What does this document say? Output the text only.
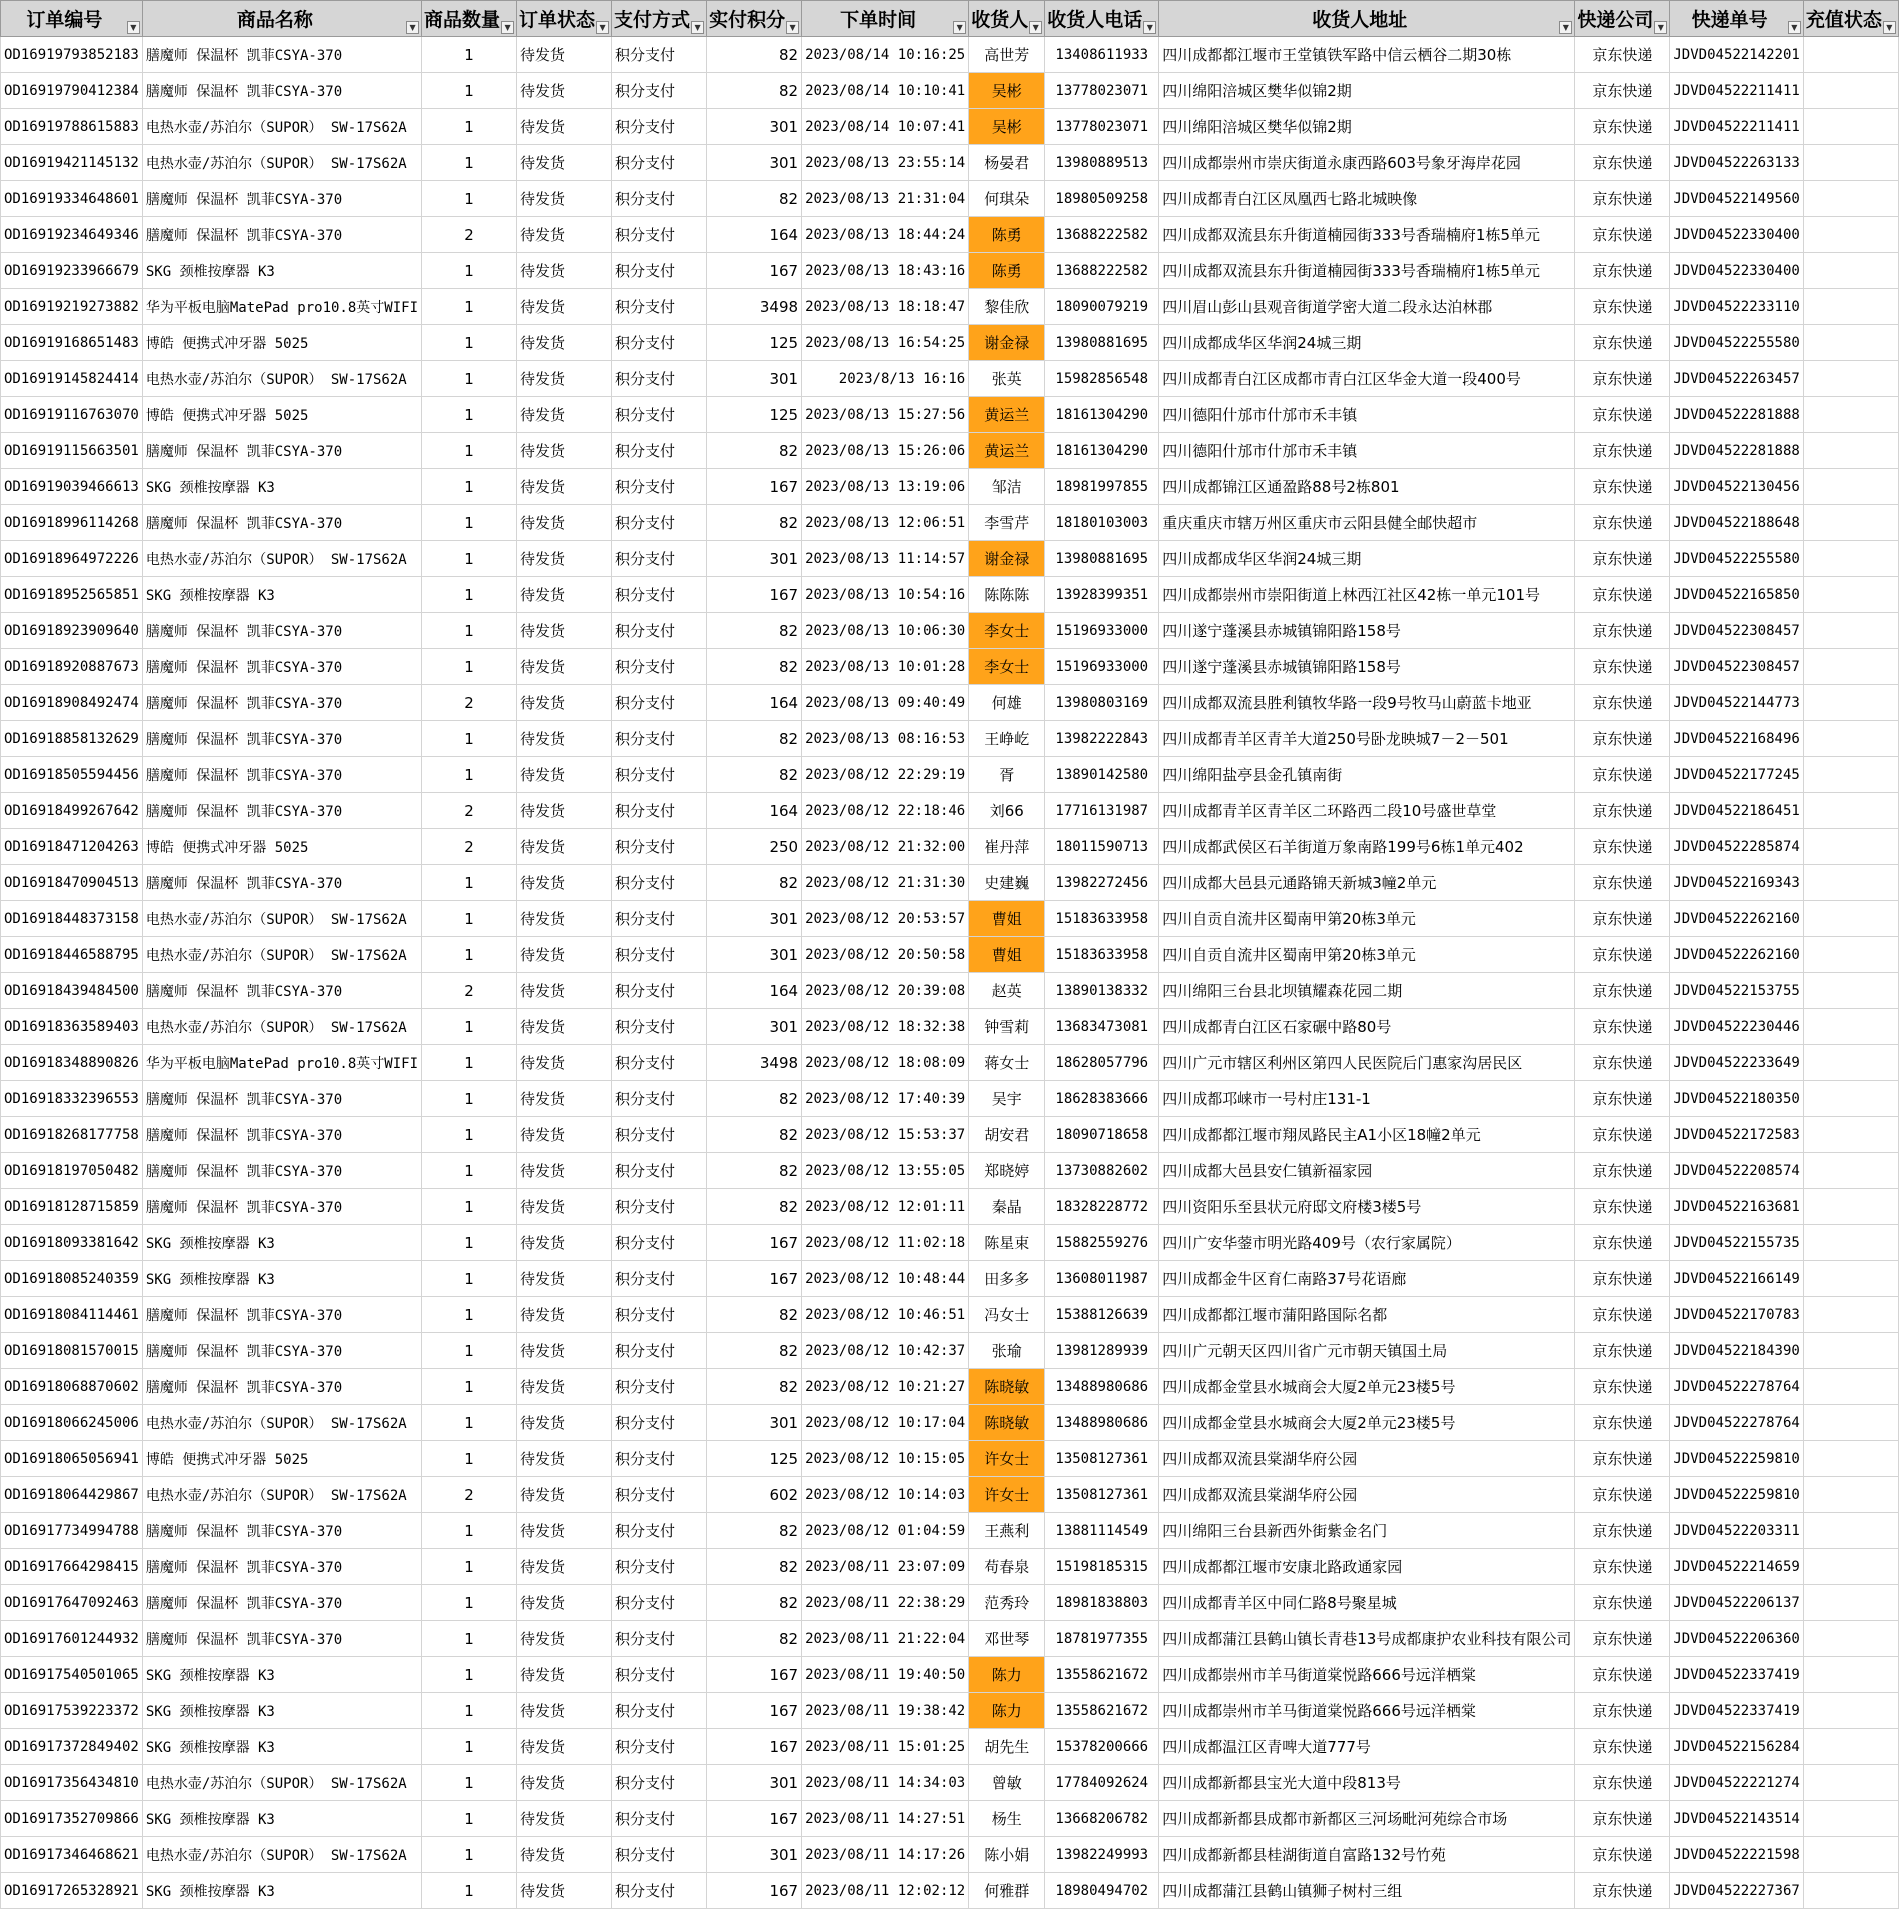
订单编号 ▼	商品名称 ▼	商品数量 ▼	订单状态 ▼	支付方式 ▼	实付积分 ▼	下单时间 ▼	收货人 ▼	收货人电话 ▼	收货人地址 ▼	快递公司 ▼	快递单号 ▼	充值状态 ▼

OD16919793852183	膳魔师 保温杯 凯菲CSYA-370	1	待发货	积分支付	82	2023/08/14 10:16:25	高世芳	13408611933	四川成都都江堰市王堂镇铁军路中信云栖谷二期30栋	京东快递	JDVD04522142201	
OD16919790412384	膳魔师 保温杯 凯菲CSYA-370	1	待发货	积分支付	82	2023/08/14 10:10:41	吴彬	13778023071	四川绵阳涪城区樊华似锦2期	京东快递	JDVD04522211411	
OD16919788615883	电热水壶/苏泊尔（SUPOR） SW-17S62A	1	待发货	积分支付	301	2023/08/14 10:07:41	吴彬	13778023071	四川绵阳涪城区樊华似锦2期	京东快递	JDVD04522211411	
OD16919421145132	电热水壶/苏泊尔（SUPOR） SW-17S62A	1	待发货	积分支付	301	2023/08/13 23:55:14	杨晏君	13980889513	四川成都崇州市崇庆街道永康西路603号象牙海岸花园	京东快递	JDVD04522263133	
OD16919334648601	膳魔师 保温杯 凯菲CSYA-370	1	待发货	积分支付	82	2023/08/13 21:31:04	何琪朵	18980509258	四川成都青白江区凤凰西七路北城映像	京东快递	JDVD04522149560	
OD16919234649346	膳魔师 保温杯 凯菲CSYA-370	2	待发货	积分支付	164	2023/08/13 18:44:24	陈勇	13688222582	四川成都双流县东升街道楠园街333号香瑞楠府1栋5单元	京东快递	JDVD04522330400	
OD16919233966679	SKG 颈椎按摩器 K3	1	待发货	积分支付	167	2023/08/13 18:43:16	陈勇	13688222582	四川成都双流县东升街道楠园街333号香瑞楠府1栋5单元	京东快递	JDVD04522330400	
OD16919219273882	华为平板电脑MatePad pro10.8英寸WIFI	1	待发货	积分支付	3498	2023/08/13 18:18:47	黎佳欣	18090079219	四川眉山彭山县观音街道学密大道二段永达泊林郡	京东快递	JDVD04522233110	
OD16919168651483	博皓 便携式冲牙器 5025	1	待发货	积分支付	125	2023/08/13 16:54:25	谢金禄	13980881695	四川成都成华区华润24城三期	京东快递	JDVD04522255580	
OD16919145824414	电热水壶/苏泊尔（SUPOR） SW-17S62A	1	待发货	积分支付	301	2023/8/13 16:16	张英	15982856548	四川成都青白江区成都市青白江区华金大道一段400号	京东快递	JDVD04522263457	
OD16919116763070	博皓 便携式冲牙器 5025	1	待发货	积分支付	125	2023/08/13 15:27:56	黄运兰	18161304290	四川德阳什邡市什邡市禾丰镇	京东快递	JDVD04522281888	
OD16919115663501	膳魔师 保温杯 凯菲CSYA-370	1	待发货	积分支付	82	2023/08/13 15:26:06	黄运兰	18161304290	四川德阳什邡市什邡市禾丰镇	京东快递	JDVD04522281888	
OD16919039466613	SKG 颈椎按摩器 K3	1	待发货	积分支付	167	2023/08/13 13:19:06	邹洁	18981997855	四川成都锦江区通盈路88号2栋801	京东快递	JDVD04522130456	
OD16918996114268	膳魔师 保温杯 凯菲CSYA-370	1	待发货	积分支付	82	2023/08/13 12:06:51	李雪芹	18180103003	重庆重庆市辖万州区重庆市云阳县健全邮快超市	京东快递	JDVD04522188648	
OD16918964972226	电热水壶/苏泊尔（SUPOR） SW-17S62A	1	待发货	积分支付	301	2023/08/13 11:14:57	谢金禄	13980881695	四川成都成华区华润24城三期	京东快递	JDVD04522255580	
OD16918952565851	SKG 颈椎按摩器 K3	1	待发货	积分支付	167	2023/08/13 10:54:16	陈陈陈	13928399351	四川成都崇州市崇阳街道上林西江社区42栋一单元101号	京东快递	JDVD04522165850	
OD16918923909640	膳魔师 保温杯 凯菲CSYA-370	1	待发货	积分支付	82	2023/08/13 10:06:30	李女士	15196933000	四川遂宁蓬溪县赤城镇锦阳路158号	京东快递	JDVD04522308457	
OD16918920887673	膳魔师 保温杯 凯菲CSYA-370	1	待发货	积分支付	82	2023/08/13 10:01:28	李女士	15196933000	四川遂宁蓬溪县赤城镇锦阳路158号	京东快递	JDVD04522308457	
OD16918908492474	膳魔师 保温杯 凯菲CSYA-370	2	待发货	积分支付	164	2023/08/13 09:40:49	何雄	13980803169	四川成都双流县胜利镇牧华路一段9号牧马山蔚蓝卡地亚	京东快递	JDVD04522144773	
OD16918858132629	膳魔师 保温杯 凯菲CSYA-370	1	待发货	积分支付	82	2023/08/13 08:16:53	王峥屹	13982222843	四川成都青羊区青羊大道250号卧龙映城7－2－501	京东快递	JDVD04522168496	
OD16918505594456	膳魔师 保温杯 凯菲CSYA-370	1	待发货	积分支付	82	2023/08/12 22:29:19	胥	13890142580	四川绵阳盐亭县金孔镇南街	京东快递	JDVD04522177245	
OD16918499267642	膳魔师 保温杯 凯菲CSYA-370	2	待发货	积分支付	164	2023/08/12 22:18:46	刘66	17716131987	四川成都青羊区青羊区二环路西二段10号盛世草堂	京东快递	JDVD04522186451	
OD16918471204263	博皓 便携式冲牙器 5025	2	待发货	积分支付	250	2023/08/12 21:32:00	崔丹萍	18011590713	四川成都武侯区石羊街道万象南路199号6栋1单元402	京东快递	JDVD04522285874	
OD16918470904513	膳魔师 保温杯 凯菲CSYA-370	1	待发货	积分支付	82	2023/08/12 21:31:30	史建巍	13982272456	四川成都大邑县元通路锦天新城3幢2单元	京东快递	JDVD04522169343	
OD16918448373158	电热水壶/苏泊尔（SUPOR） SW-17S62A	1	待发货	积分支付	301	2023/08/12 20:53:57	曹姐	15183633958	四川自贡自流井区蜀南甲第20栋3单元	京东快递	JDVD04522262160	
OD16918446588795	电热水壶/苏泊尔（SUPOR） SW-17S62A	1	待发货	积分支付	301	2023/08/12 20:50:58	曹姐	15183633958	四川自贡自流井区蜀南甲第20栋3单元	京东快递	JDVD04522262160	
OD16918439484500	膳魔师 保温杯 凯菲CSYA-370	2	待发货	积分支付	164	2023/08/12 20:39:08	赵英	13890138332	四川绵阳三台县北坝镇耀森花园二期	京东快递	JDVD04522153755	
OD16918363589403	电热水壶/苏泊尔（SUPOR） SW-17S62A	1	待发货	积分支付	301	2023/08/12 18:32:38	钟雪莉	13683473081	四川成都青白江区石家碾中路80号	京东快递	JDVD04522230446	
OD16918348890826	华为平板电脑MatePad pro10.8英寸WIFI	1	待发货	积分支付	3498	2023/08/12 18:08:09	蒋女士	18628057796	四川广元市辖区利州区第四人民医院后门惠家沟居民区	京东快递	JDVD04522233649	
OD16918332396553	膳魔师 保温杯 凯菲CSYA-370	1	待发货	积分支付	82	2023/08/12 17:40:39	吴宇	18628383666	四川成都邛崃市一号村庄131-1	京东快递	JDVD04522180350	
OD16918268177758	膳魔师 保温杯 凯菲CSYA-370	1	待发货	积分支付	82	2023/08/12 15:53:37	胡安君	18090718658	四川成都都江堰市翔凤路民主A1小区18幢2单元	京东快递	JDVD04522172583	
OD16918197050482	膳魔师 保温杯 凯菲CSYA-370	1	待发货	积分支付	82	2023/08/12 13:55:05	郑晓婷	13730882602	四川成都大邑县安仁镇新福家园	京东快递	JDVD04522208574	
OD16918128715859	膳魔师 保温杯 凯菲CSYA-370	1	待发货	积分支付	82	2023/08/12 12:01:11	秦晶	18328228772	四川资阳乐至县状元府邸文府楼3楼5号	京东快递	JDVD04522163681	
OD16918093381642	SKG 颈椎按摩器 K3	1	待发货	积分支付	167	2023/08/12 11:02:18	陈星束	15882559276	四川广安华蓥市明光路409号（农行家属院）	京东快递	JDVD04522155735	
OD16918085240359	SKG 颈椎按摩器 K3	1	待发货	积分支付	167	2023/08/12 10:48:44	田多多	13608011987	四川成都金牛区育仁南路37号花语廊	京东快递	JDVD04522166149	
OD16918084114461	膳魔师 保温杯 凯菲CSYA-370	1	待发货	积分支付	82	2023/08/12 10:46:51	冯女士	15388126639	四川成都都江堰市蒲阳路国际名都	京东快递	JDVD04522170783	
OD16918081570015	膳魔师 保温杯 凯菲CSYA-370	1	待发货	积分支付	82	2023/08/12 10:42:37	张瑜	13981289939	四川广元朝天区四川省广元市朝天镇国土局	京东快递	JDVD04522184390	
OD16918068870602	膳魔师 保温杯 凯菲CSYA-370	1	待发货	积分支付	82	2023/08/12 10:21:27	陈晓敏	13488980686	四川成都金堂县水城商会大厦2单元23楼5号	京东快递	JDVD04522278764	
OD16918066245006	电热水壶/苏泊尔（SUPOR） SW-17S62A	1	待发货	积分支付	301	2023/08/12 10:17:04	陈晓敏	13488980686	四川成都金堂县水城商会大厦2单元23楼5号	京东快递	JDVD04522278764	
OD16918065056941	博皓 便携式冲牙器 5025	1	待发货	积分支付	125	2023/08/12 10:15:05	许女士	13508127361	四川成都双流县棠湖华府公园	京东快递	JDVD04522259810	
OD16918064429867	电热水壶/苏泊尔（SUPOR） SW-17S62A	2	待发货	积分支付	602	2023/08/12 10:14:03	许女士	13508127361	四川成都双流县棠湖华府公园	京东快递	JDVD04522259810	
OD16917734994788	膳魔师 保温杯 凯菲CSYA-370	1	待发货	积分支付	82	2023/08/12 01:04:59	王燕利	13881114549	四川绵阳三台县新西外街紫金名门	京东快递	JDVD04522203311	
OD16917664298415	膳魔师 保温杯 凯菲CSYA-370	1	待发货	积分支付	82	2023/08/11 23:07:09	苟春泉	15198185315	四川成都都江堰市安康北路政通家园	京东快递	JDVD04522214659	
OD16917647092463	膳魔师 保温杯 凯菲CSYA-370	1	待发货	积分支付	82	2023/08/11 22:38:29	范秀玲	18981838803	四川成都青羊区中同仁路8号聚星城	京东快递	JDVD04522206137	
OD16917601244932	膳魔师 保温杯 凯菲CSYA-370	1	待发货	积分支付	82	2023/08/11 21:22:04	邓世琴	18781977355	四川成都蒲江县鹤山镇长青巷13号成都康护农业科技有限公司	京东快递	JDVD04522206360	
OD16917540501065	SKG 颈椎按摩器 K3	1	待发货	积分支付	167	2023/08/11 19:40:50	陈力	13558621672	四川成都崇州市羊马街道棠悦路666号远洋栖棠	京东快递	JDVD04522337419	
OD16917539223372	SKG 颈椎按摩器 K3	1	待发货	积分支付	167	2023/08/11 19:38:42	陈力	13558621672	四川成都崇州市羊马街道棠悦路666号远洋栖棠	京东快递	JDVD04522337419	
OD16917372849402	SKG 颈椎按摩器 K3	1	待发货	积分支付	167	2023/08/11 15:01:25	胡先生	15378200666	四川成都温江区青啤大道777号	京东快递	JDVD04522156284	
OD16917356434810	电热水壶/苏泊尔（SUPOR） SW-17S62A	1	待发货	积分支付	301	2023/08/11 14:34:03	曾敏	17784092624	四川成都新都县宝光大道中段813号	京东快递	JDVD04522221274	
OD16917352709866	SKG 颈椎按摩器 K3	1	待发货	积分支付	167	2023/08/11 14:27:51	杨生	13668206782	四川成都新都县成都市新都区三河场毗河苑综合市场	京东快递	JDVD04522143514	
OD16917346468621	电热水壶/苏泊尔（SUPOR） SW-17S62A	1	待发货	积分支付	301	2023/08/11 14:17:26	陈小娟	13982249993	四川成都新都县桂湖街道自富路132号竹苑	京东快递	JDVD04522221598	
OD16917265328921	SKG 颈椎按摩器 K3	1	待发货	积分支付	167	2023/08/11 12:02:12	何雅群	18980494702	四川成都蒲江县鹤山镇狮子树村三组	京东快递	JDVD04522227367	
